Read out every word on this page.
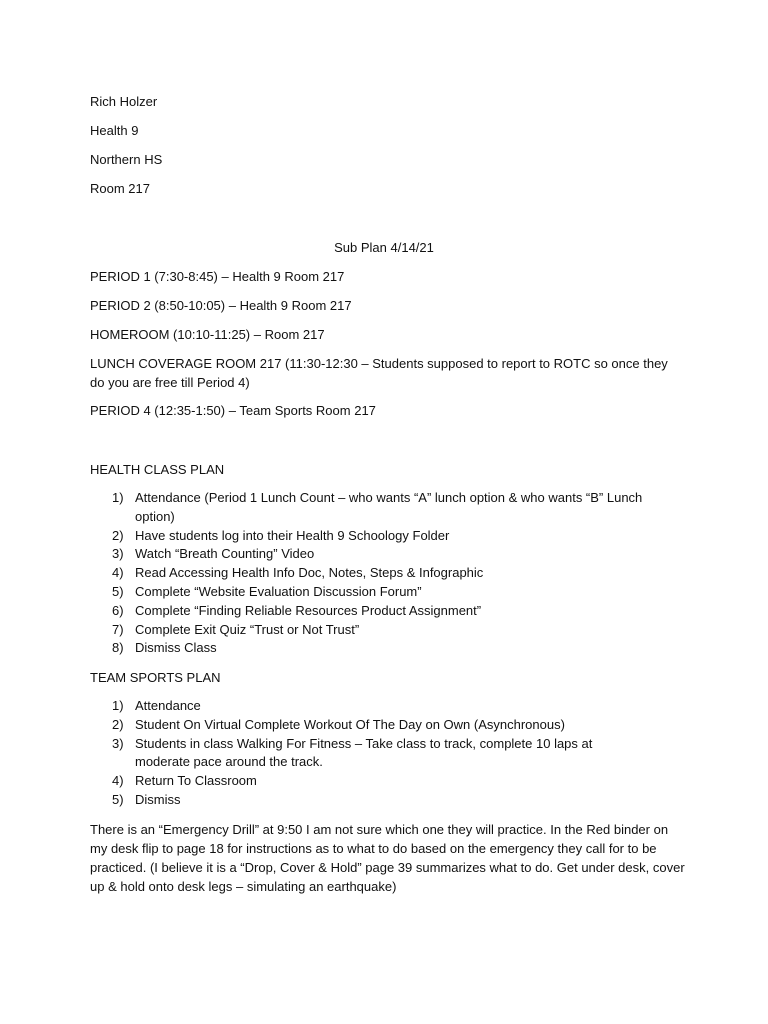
Rich Holzer
Health 9
Northern HS
Room 217
Sub Plan 4/14/21
PERIOD 1 (7:30-8:45) – Health 9 Room 217
PERIOD 2 (8:50-10:05) – Health 9 Room 217
HOMEROOM (10:10-11:25) – Room 217
LUNCH COVERAGE ROOM 217 (11:30-12:30 – Students supposed to report to ROTC so once they do you are free till Period 4)
PERIOD 4 (12:35-1:50) – Team Sports Room 217
HEALTH CLASS PLAN
1) Attendance (Period 1 Lunch Count – who wants “A” lunch option & who wants “B” Lunch option)
2) Have students log into their Health 9 Schoology Folder
3) Watch “Breath Counting” Video
4) Read Accessing Health Info Doc, Notes, Steps & Infographic
5) Complete “Website Evaluation Discussion Forum”
6) Complete “Finding Reliable Resources Product Assignment”
7) Complete Exit Quiz “Trust or Not Trust”
8) Dismiss Class
TEAM SPORTS PLAN
1) Attendance
2) Student On Virtual Complete Workout Of The Day on Own (Asynchronous)
3) Students in class Walking For Fitness – Take class to track, complete 10 laps at moderate pace around the track.
4) Return To Classroom
5) Dismiss
There is an “Emergency Drill” at 9:50 I am not sure which one they will practice. In the Red binder on my desk flip to page 18 for instructions as to what to do based on the emergency they call for to be practiced. (I believe it is a “Drop, Cover & Hold” page 39 summarizes what to do. Get under desk, cover up & hold onto desk legs – simulating an earthquake)
